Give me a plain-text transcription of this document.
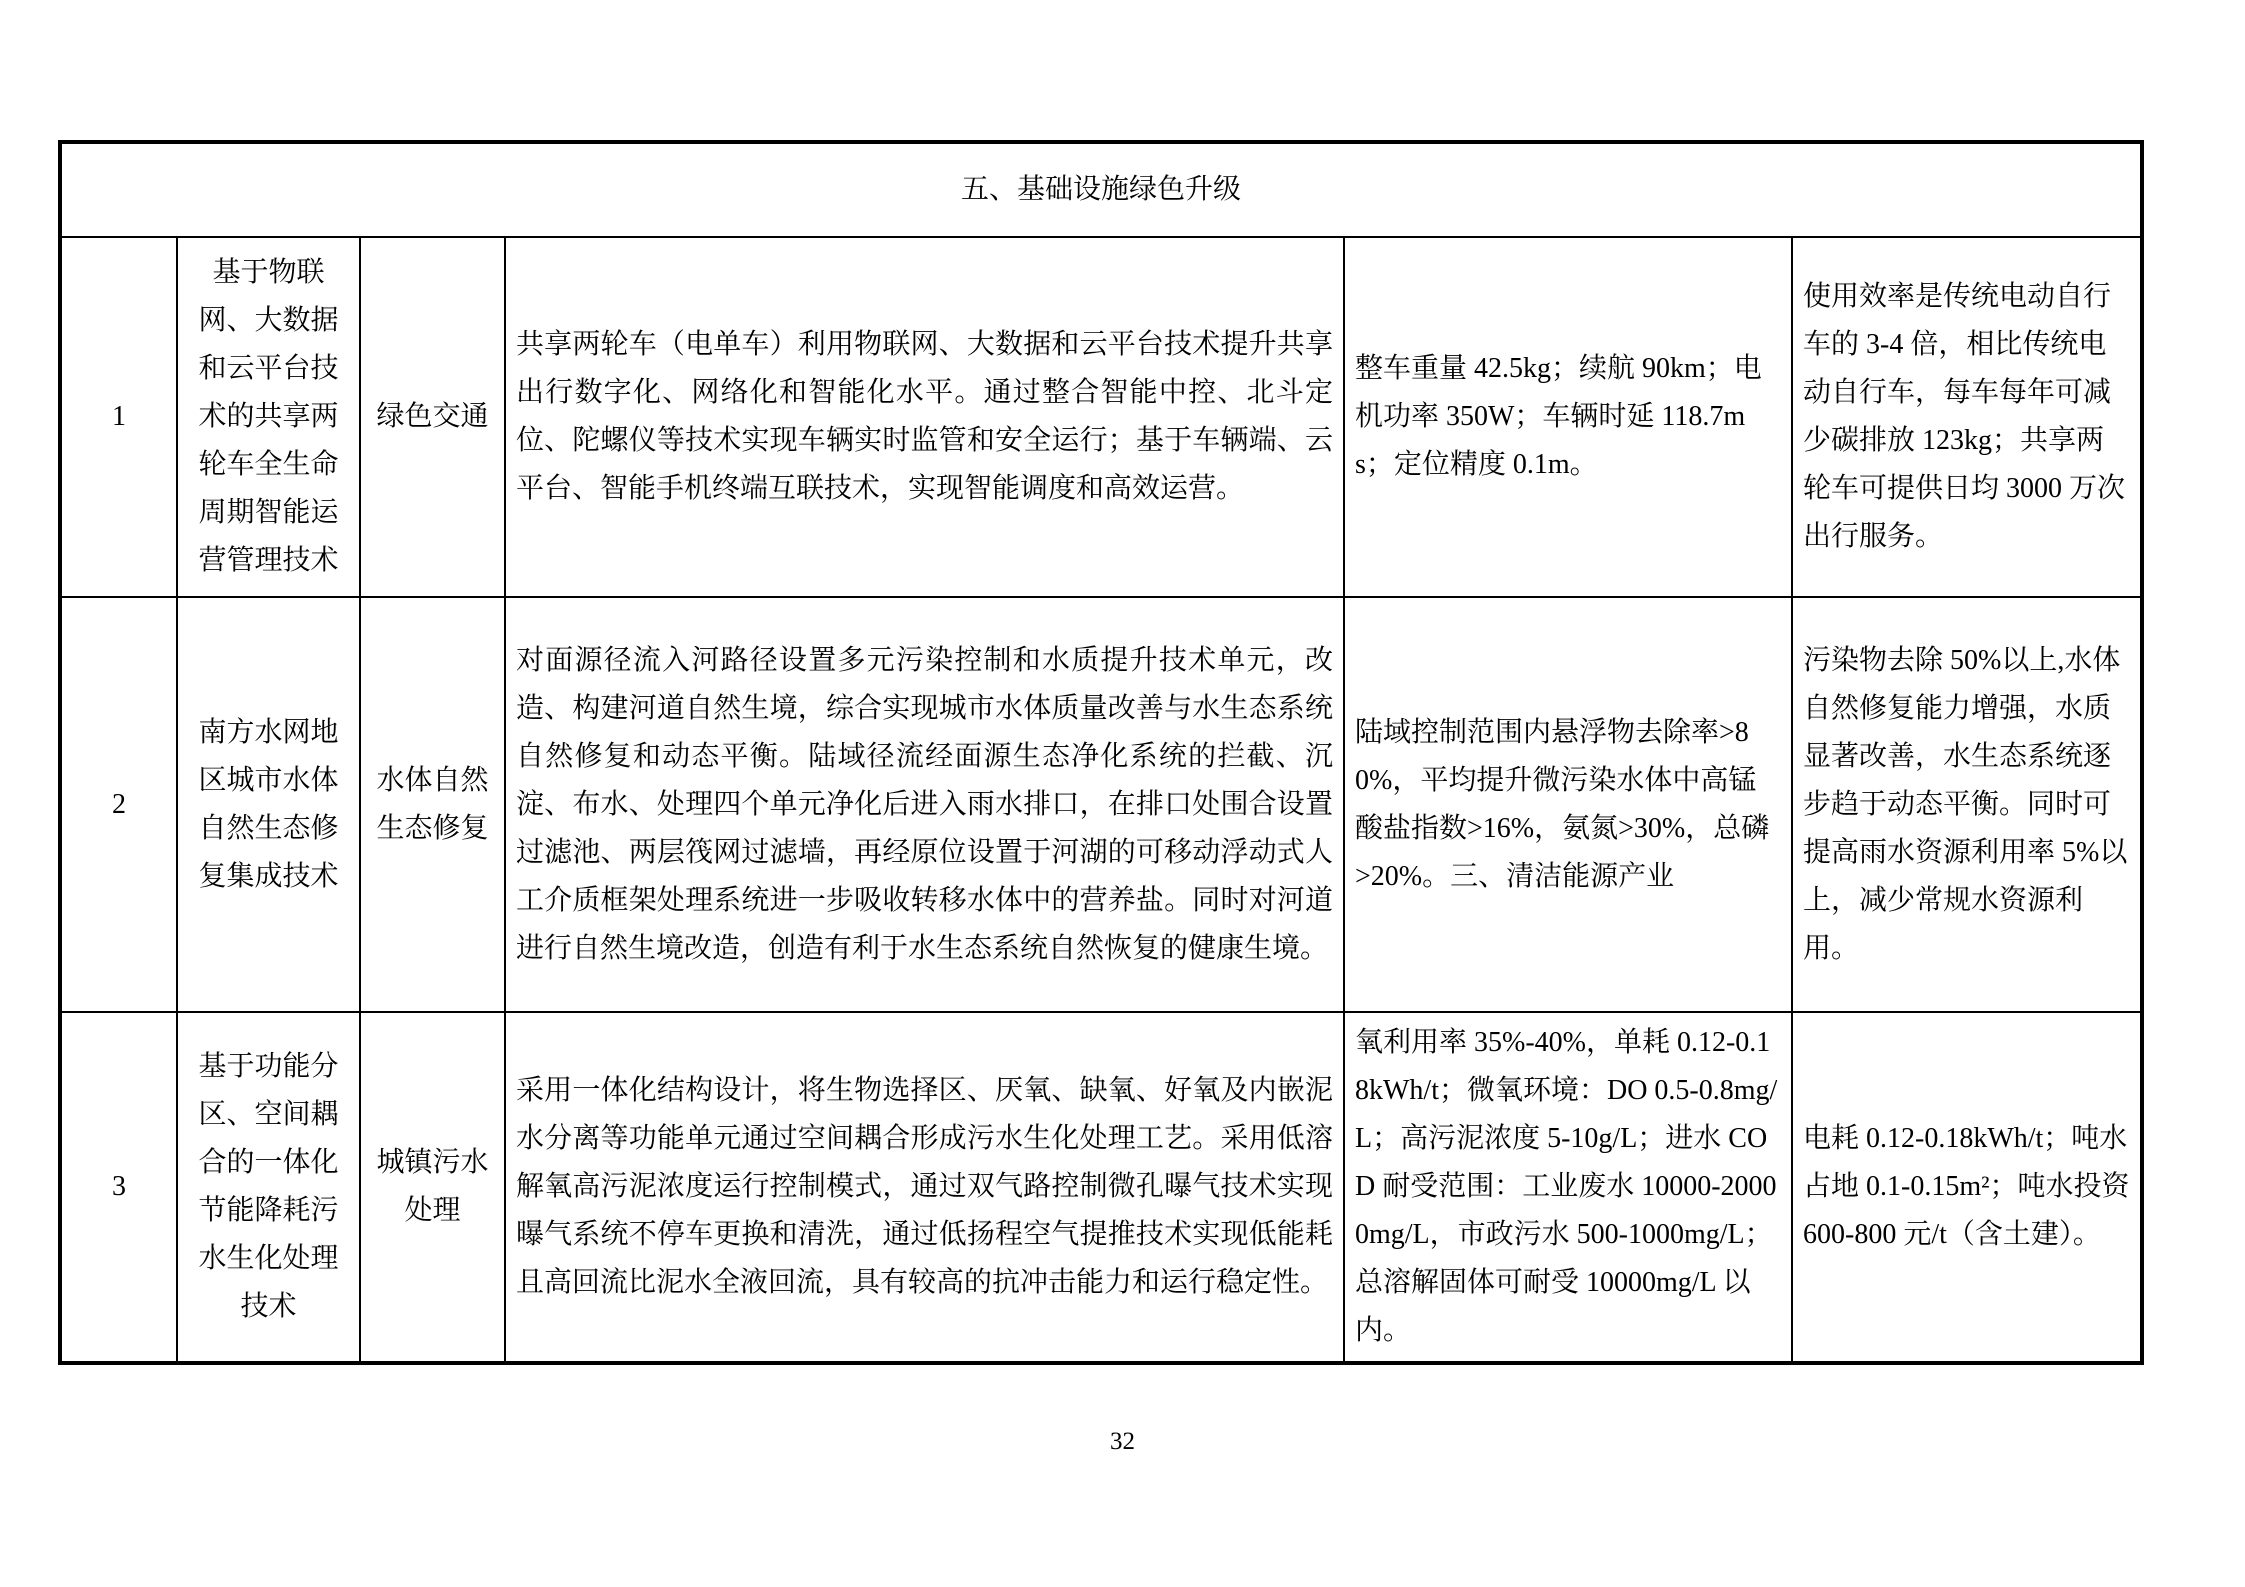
五、基础设施绿色升级					
1	基于物联网、大数据和云平台技术的共享两轮车全生命周期智能运营管理技术	绿色交通	共享两轮车（电单车）利用物联网、大数据和云平台技术提升共享出行数字化、网络化和智能化水平。通过整合智能中控、北斗定位、陀螺仪等技术实现车辆实时监管和安全运行；基于车辆端、云平台、智能手机终端互联技术，实现智能调度和高效运营。	整车重量 42.5kg；续航 90km；电机功率 350W；车辆时延 118.7ms；定位精度 0.1m。	使用效率是传统电动自行车的 3-4 倍，相比传统电动自行车，每车每年可减少碳排放 123kg；共享两轮车可提供日均 3000 万次出行服务。
2	南方水网地区城市水体自然生态修复集成技术	水体自然生态修复	对面源径流入河路径设置多元污染控制和水质提升技术单元，改造、构建河道自然生境，综合实现城市水体质量改善与水生态系统自然修复和动态平衡。陆域径流经面源生态净化系统的拦截、沉淀、布水、处理四个单元净化后进入雨水排口，在排口处围合设置过滤池、两层筏网过滤墙，再经原位设置于河湖的可移动浮动式人工介质框架处理系统进一步吸收转移水体中的营养盐。同时对河道进行自然生境改造，创造有利于水生态系统自然恢复的健康生境。	陆域控制范围内悬浮物去除率>80%，平均提升微污染水体中高锰酸盐指数>16%，氨氮>30%，总磷>20%。三、清洁能源产业	污染物去除 50%以上,水体自然修复能力增强，水质显著改善，水生态系统逐步趋于动态平衡。同时可提高雨水资源利用率 5%以上，减少常规水资源利用。
3	基于功能分区、空间耦合的一体化节能降耗污水生化处理技术	城镇污水处理	采用一体化结构设计，将生物选择区、厌氧、缺氧、好氧及内嵌泥水分离等功能单元通过空间耦合形成污水生化处理工艺。采用低溶解氧高污泥浓度运行控制模式，通过双气路控制微孔曝气技术实现曝气系统不停车更换和清洗，通过低扬程空气提推技术实现低能耗且高回流比泥水全液回流，具有较高的抗冲击能力和运行稳定性。	氧利用率 35%-40%，单耗 0.12-0.18kWh/t；微氧环境：DO 0.5-0.8mg/L；高污泥浓度 5-10g/L；进水 COD 耐受范围：工业废水 10000-20000mg/L，市政污水 500-1000mg/L；总溶解固体可耐受 10000mg/L 以内。	电耗 0.12-0.18kWh/t；吨水占地 0.1-0.15m²；吨水投资 600-800 元/t（含土建）。
32
